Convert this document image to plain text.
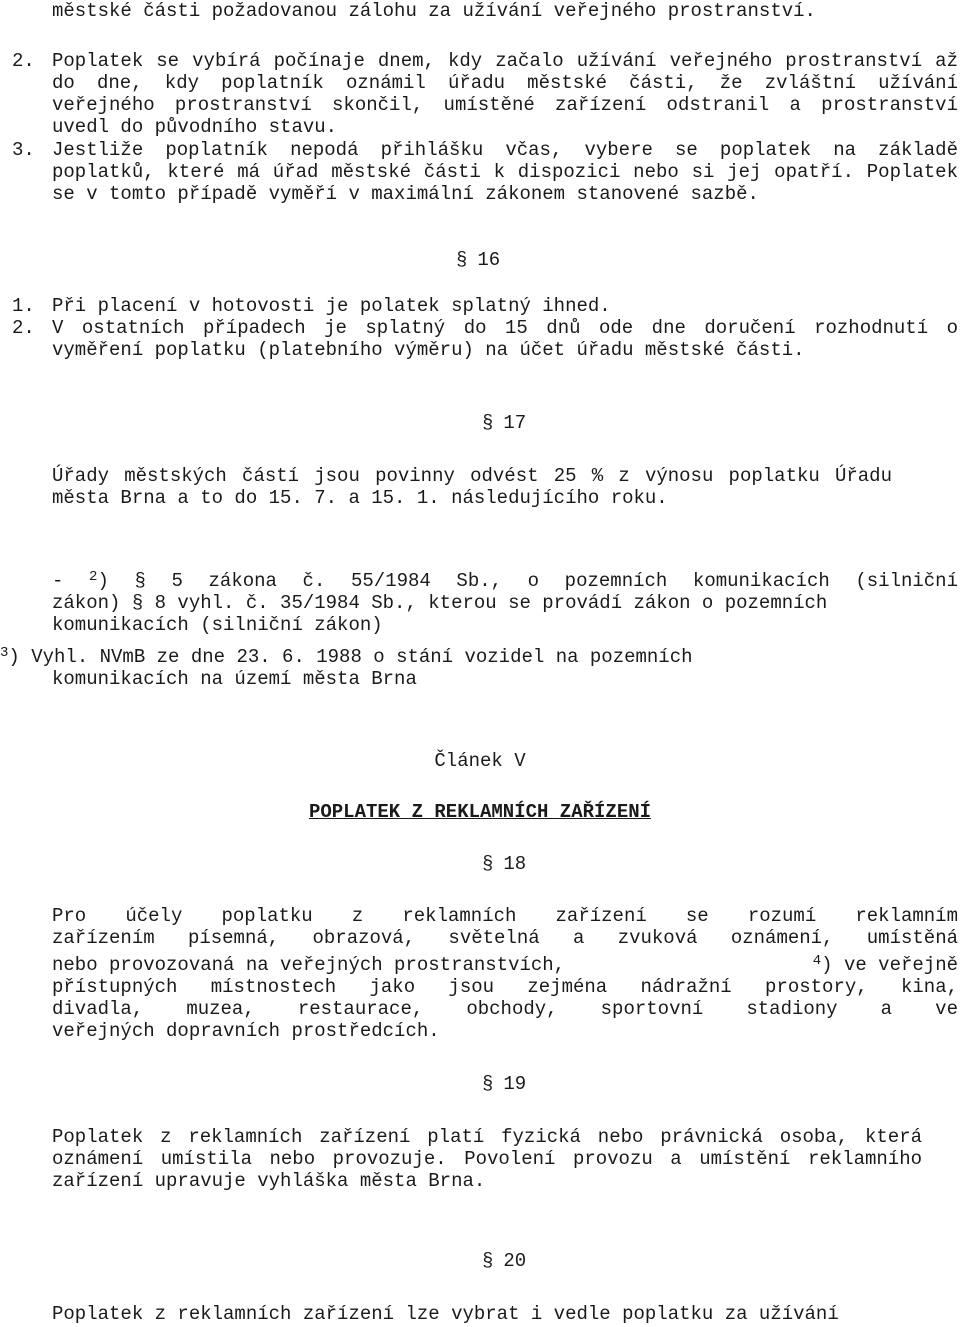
městské části požadovanou zálohu za užívání veřejného prostranství.
2. Poplatek se vybírá počínaje dnem, kdy začalo užívání veřejného prostranství až do dne, kdy poplatník oznámil úřadu městské části, že zvláštní užívání veřejného prostranství skončil, umístěné zařízení odstranil a prostranství uvedl do původního stavu.
3. Jestliže poplatník nepodá přihlášku včas, vybere se poplatek na základě poplatků, které má úřad městské části k dispozici nebo si jej opatří. Poplatek se v tomto případě vyměří v maximální zákonem stanovené sazbě.
§ 16
1. Při placení v hotovosti je polatek splatný ihned.
2. V ostatních případech je splatný do 15 dnů ode dne doručení rozhodnutí o vyměření poplatku (platebního výměru) na účet úřadu městské části.
§ 17
Úřady městských částí jsou povinny odvést 25 % z výnosu poplatku Úřadu města Brna a to do 15. 7. a 15. 1. následujícího roku.
- $^2$) § 5 zákona č. 55/1984 Sb., o pozemních komunikacích (silniční
zákon) § 8 vyhl. č. 35/1984 Sb., kterou se provádí zákon o pozemních
komunikacích (silniční zákon)
$^3$) Vyhl. NVmB ze dne 23. 6. 1988 o stání vozidel na pozemních
komunikacích na území města Brna
Článek V
POPLATEK Z REKLAMNÍCH ZAŘÍZENÍ
§ 18
Pro účely poplatku z reklamních zařízení se rozumí reklamním
zařízením písemná, obrazová, světelná a zvuková oznámení, umístěná
nebo provozovaná na veřejných prostranstvích,	$^4$) ve veřejně
přístupných místnostech jako jsou zejména nádražní prostory, kina,
divadla, muzea, restaurace, obchody, sportovní stadiony a ve
veřejných dopravních prostředcích.
§ 19
Poplatek z reklamních zařízení platí fyzická nebo právnická osoba, která oznámení umístila nebo provozuje. Povolení provozu a umístění reklamního zařízení upravuje vyhláška města Brna.
§ 20
Poplatek z reklamních zařízení lze vybrat i vedle poplatku za užívání
